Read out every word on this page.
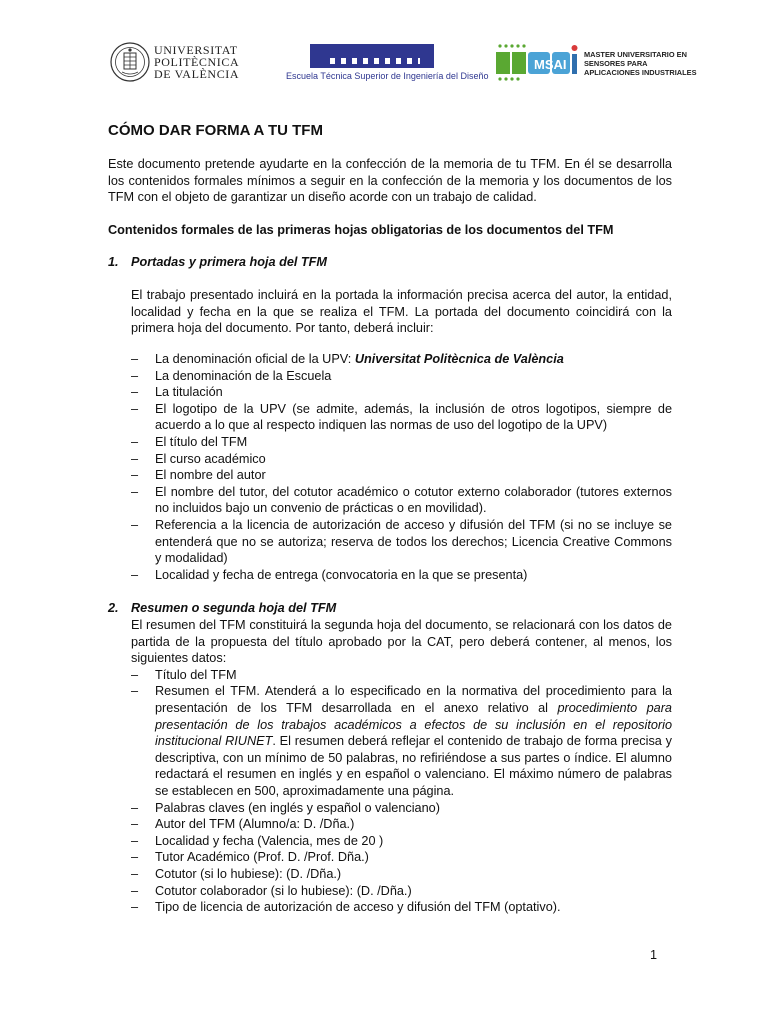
UNIVERSITAT
POLITÈCNICA
DE VALÈNCIA	Escuela Técnica Superior de Ingeniería del Diseño
MSAI
MASTER UNIVERSITARIO EN
SENSORES PARA
APLICACIONES INDUSTRIALES
CÓMO DAR FORMA A TU TFM

Este documento pretende ayudarte en la confección de la memoria de tu TFM. En él se desarrolla los contenidos formales mínimos a seguir en la confección de la memoria y los documentos de los TFM con el objeto de garantizar un diseño acorde con un trabajo de calidad.

Contenidos formales de las primeras hojas obligatorias de los documentos del TFM

1. Portadas y primera hoja del TFM

El trabajo presentado incluirá en la portada la información precisa acerca del autor, la entidad, localidad y fecha en la que se realiza el TFM. La portada del documento coincidirá con la primera hoja del documento. Por tanto, deberá incluir:

– La denominación oficial de la UPV: Universitat Politècnica de València
– La denominación de la Escuela
– La titulación
– El logotipo de la UPV (se admite, además, la inclusión de otros logotipos, siempre de acuerdo a lo que al respecto indiquen las normas de uso del logotipo de la UPV)
– El título del TFM
– El curso académico
– El nombre del autor
– El nombre del tutor, del cotutor académico o cotutor externo colaborador (tutores externos no incluidos bajo un convenio de prácticas o en movilidad).
– Referencia a la licencia de autorización de acceso y difusión del TFM (si no se incluye se entenderá que no se autoriza; reserva de todos los derechos; Licencia Creative Commons y modalidad)
– Localidad y fecha de entrega (convocatoria en la que se presenta)
2. Resumen o segunda hoja del TFM

El resumen del TFM constituirá la segunda hoja del documento, se relacionará con los datos de partida de la propuesta del título aprobado por la CAT, pero deberá contener, al menos, los siguientes datos:

– Título del TFM
– Resumen el TFM. Atenderá a lo especificado en la normativa del procedimiento para la presentación de los TFM desarrollada en el anexo relativo al procedimiento para presentación de los trabajos académicos a efectos de su inclusión en el repositorio institucional RIUNET. El resumen deberá reflejar el contenido de trabajo de forma precisa y descriptiva, con un mínimo de 50 palabras, no refiriéndose a sus partes o índice. El alumno redactará el resumen en inglés y en español o valenciano. El máximo número de palabras se establecen en 500, aproximadamente una página.
– Palabras claves (en inglés y español o valenciano)
– Autor del TFM (Alumno/a: D. /Dña.)
– Localidad y fecha (Valencia, mes de 20 )
– Tutor Académico (Prof. D. /Prof. Dña.)
– Cotutor (si lo hubiese): (D. /Dña.)
– Cotutor colaborador (si lo hubiese): (D. /Dña.)
– Tipo de licencia de autorización de acceso y difusión del TFM (optativo).
1
